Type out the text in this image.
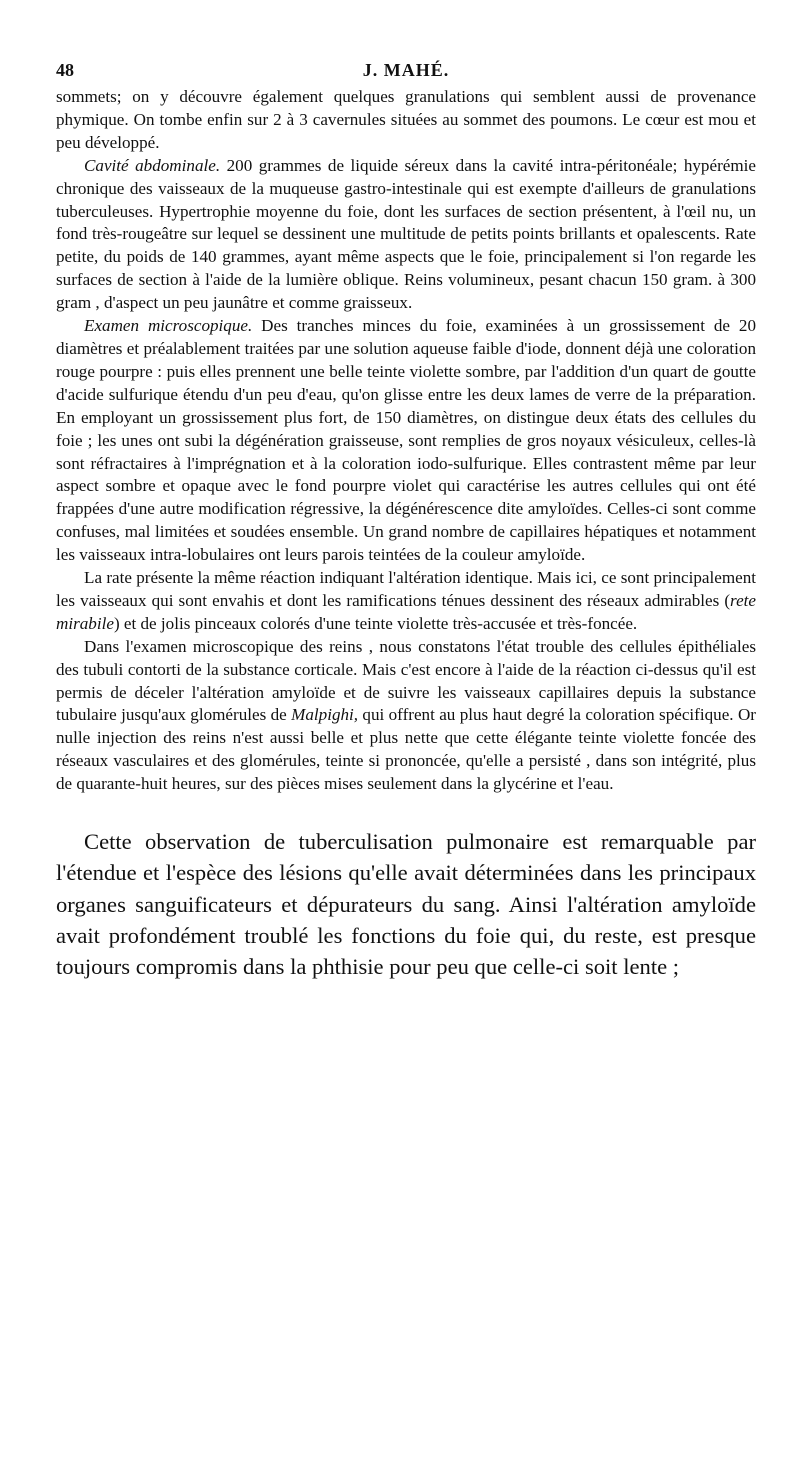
48	J. MAHÉ.

sommets; on y découvre également quelques granulations qui semblent aussi de provenance phymique. On tombe enfin sur 2 à 3 cavernules situées au sommet des poumons. Le cœur est mou et peu développé.

Cavité abdominale. 200 grammes de liquide séreux dans la cavité intra-péritonéale; hypérémie chronique des vaisseaux de la muqueuse gastro-intestinale qui est exempte d'ailleurs de granulations tuberculeuses. Hypertrophie moyenne du foie, dont les surfaces de section présentent, à l'œil nu, un fond très-rougeâtre sur lequel se dessinent une multitude de petits points brillants et opalescents. Rate petite, du poids de 140 grammes, ayant même aspects que le foie, principalement si l'on regarde les surfaces de section à l'aide de la lumière oblique. Reins volumineux, pesant chacun 150 gram. à 300 gram , d'aspect un peu jaunâtre et comme graisseux.

Examen microscopique. Des tranches minces du foie, examinées à un grossissement de 20 diamètres et préalablement traitées par une solution aqueuse faible d'iode, donnent déjà une coloration rouge pourpre : puis elles prennent une belle teinte violette sombre, par l'addition d'un quart de goutte d'acide sulfurique étendu d'un peu d'eau, qu'on glisse entre les deux lames de verre de la préparation. En employant un grossissement plus fort, de 150 diamètres, on distingue deux états des cellules du foie ; les unes ont subi la dégénération graisseuse, sont remplies de gros noyaux vésiculeux, celles-là sont réfractaires à l'imprégnation et à la coloration iodo-sulfurique. Elles contrastent même par leur aspect sombre et opaque avec le fond pourpre violet qui caractérise les autres cellules qui ont été frappées d'une autre modification régressive, la dégénérescence dite amyloïdes. Celles-ci sont comme confuses, mal limitées et soudées ensemble. Un grand nombre de capillaires hépatiques et notamment les vaisseaux intra-lobulaires ont leurs parois teintées de la couleur amyloïde.

La rate présente la même réaction indiquant l'altération identique. Mais ici, ce sont principalement les vaisseaux qui sont envahis et dont les ramifications ténues dessinent des réseaux admirables (rete mirabile) et de jolis pinceaux colorés d'une teinte violette très-accusée et très-foncée.

Dans l'examen microscopique des reins , nous constatons l'état trouble des cellules épithéliales des tubuli contorti de la substance corticale. Mais c'est encore à l'aide de la réaction ci-dessus qu'il est permis de déceler l'altération amyloïde et de suivre les vaisseaux capillaires depuis la substance tubulaire jusqu'aux glomérules de Malpighi, qui offrent au plus haut degré la coloration spécifique. Or nulle injection des reins n'est aussi belle et plus nette que cette élégante teinte violette foncée des réseaux vasculaires et des glomérules, teinte si prononcée, qu'elle a persisté , dans son intégrité, plus de quarante-huit heures, sur des pièces mises seulement dans la glycérine et l'eau.

Cette observation de tuberculisation pulmonaire est remarquable par l'étendue et l'espèce des lésions qu'elle avait déterminées dans les principaux organes sanguificateurs et dépurateurs du sang. Ainsi l'altération amyloïde avait profondément troublé les fonctions du foie qui, du reste, est presque toujours compromis dans la phthisie pour peu que celle-ci soit lente ;
